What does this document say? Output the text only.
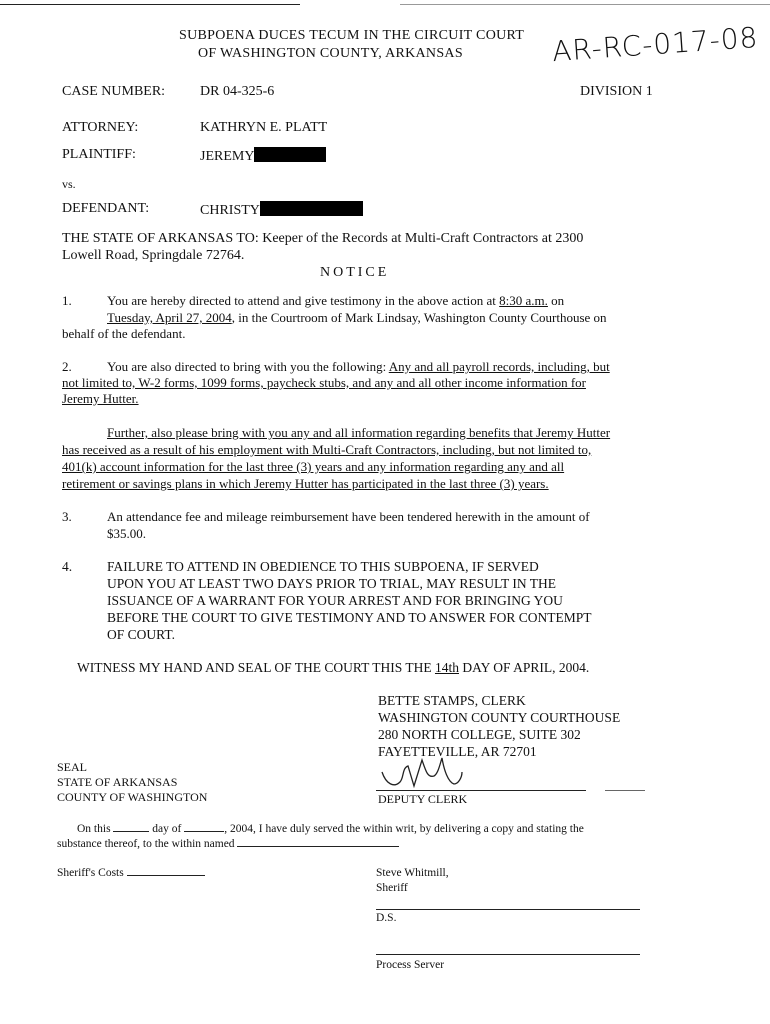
SUBPOENA DUCES TECUM IN THE CIRCUIT COURT
OF WASHINGTON COUNTY, ARKANSAS	AR-RC-017-08
CASE NUMBER: DR 04-325-6	DIVISION 1
ATTORNEY:	KATHRYN E. PLATT
PLAINTIFF:	JEREMY
vs.
DEFENDANT:	CHRISTY
THE STATE OF ARKANSAS TO: Keeper of the Records at Multi-Craft Contractors at 2300
Lowell Road, Springdale 72764.
NOTICE
1.	You are hereby directed to attend and give testimony in the above action at 8:30 a.m. on
Tuesday, April 27, 2004, in the Courtroom of Mark Lindsay, Washington County Courthouse on
behalf of the defendant.
2.	You are also directed to bring with you the following: Any and all payroll records, including, but
not limited to, W-2 forms, 1099 forms, paycheck stubs, and any and all other income information for
Jeremy Hutter.
Further, also please bring with you any and all information regarding benefits that Jeremy Hutter
has received as a result of his employment with Multi-Craft Contractors, including, but not limited to,
401(k) account information for the last three (3) years and any information regarding any and all
retirement or savings plans in which Jeremy Hutter has participated in the last three (3) years.
3.	An attendance fee and mileage reimbursement have been tendered herewith in the amount of
$35.00.
4.	FAILURE TO ATTEND IN OBEDIENCE TO THIS SUBPOENA, IF SERVED
UPON YOU AT LEAST TWO DAYS PRIOR TO TRIAL, MAY RESULT IN THE
ISSUANCE OF A WARRANT FOR YOUR ARREST AND FOR BRINGING YOU
BEFORE THE COURT TO GIVE TESTIMONY AND TO ANSWER FOR CONTEMPT
OF COURT.
WITNESS MY HAND AND SEAL OF THE COURT THIS THE 14th DAY OF APRIL, 2004.
BETTE STAMPS, CLERK
WASHINGTON COUNTY COURTHOUSE
280 NORTH COLLEGE, SUITE 302
FAYETTEVILLE, AR 72701
DEPUTY CLERK
SEAL
STATE OF ARKANSAS
COUNTY OF WASHINGTON
On this	day of	, 2004, I have duly served the within writ, by delivering a copy and stating the
substance thereof, to the within named
Sheriff's Costs	Steve Whitmill,
Sheriff
D.S.
Process Server
